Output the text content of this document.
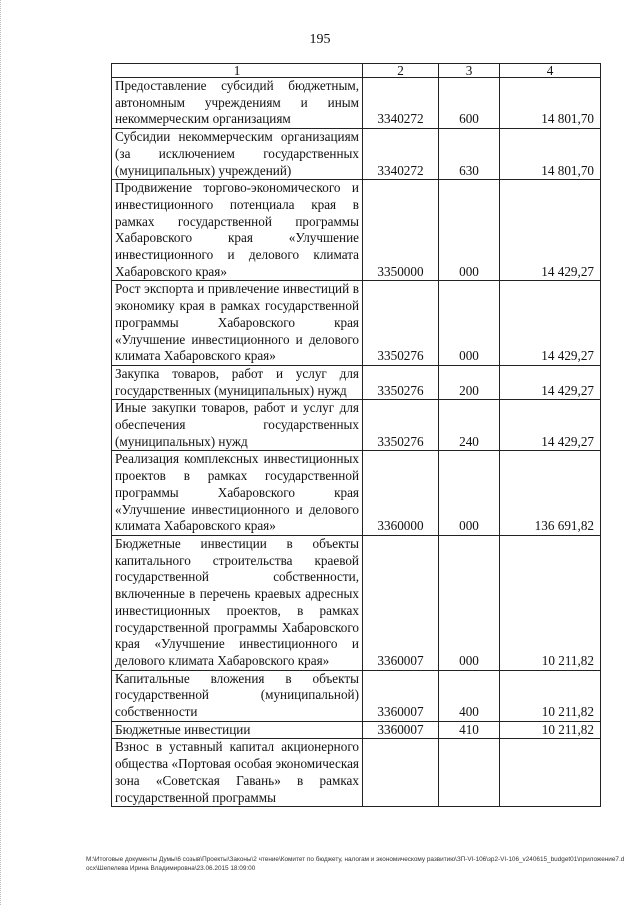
195
1	2	3	4
Предоставление субсидий бюджетным, автономным учреждениям и иным некоммерческим организациям	3340272	600	14 801,70
Субсидии некоммерческим организациям (за исключением государственных (муниципальных) учреждений)	3340272	630	14 801,70
Продвижение торгово-экономического и инвестиционного потенциала края в рамках государственной программы Хабаровского края «Улучшение инвестиционного и делового климата Хабаровского края»	3350000	000	14 429,27
Рост экспорта и привлечение инвестиций в экономику края в рамках государственной программы Хабаровского края «Улучшение инвестиционного и делового климата Хабаровского края»	3350276	000	14 429,27
Закупка товаров, работ и услуг для государственных (муниципальных) нужд	3350276	200	14 429,27
Иные закупки товаров, работ и услуг для обеспечения государственных (муниципальных) нужд	3350276	240	14 429,27
Реализация комплексных инвестиционных проектов в рамках государственной программы Хабаровского края «Улучшение инвестиционного и делового климата Хабаровского края»	3360000	000	136 691,82
Бюджетные инвестиции в объекты капитального строительства краевой государственной собственности, включенные в перечень краевых адресных инвестиционных проектов, в рамках государственной программы Хабаровского края «Улучшение инвестиционного и делового климата Хабаровского края»	3360007	000	10 211,82
Капитальные вложения в объекты государственной (муниципальной) собственности	3360007	400	10 211,82
Бюджетные инвестиции	3360007	410	10 211,82
Взнос в уставный капитал акционерного общества «Портовая особая экономическая зона «Советская Гавань» в рамках государственной программы			
M:\Итоговые документы Думы\6 созыв\Проекты\Законы\2 чтение\Комитет по бюджету, налогам и экономическому развитию\ЗП-VI-106\зр2-VI-106_v240615_budget01\приложение7.docx\Шепелева Ирина Владимировна\23.06.2015 18:09:00
